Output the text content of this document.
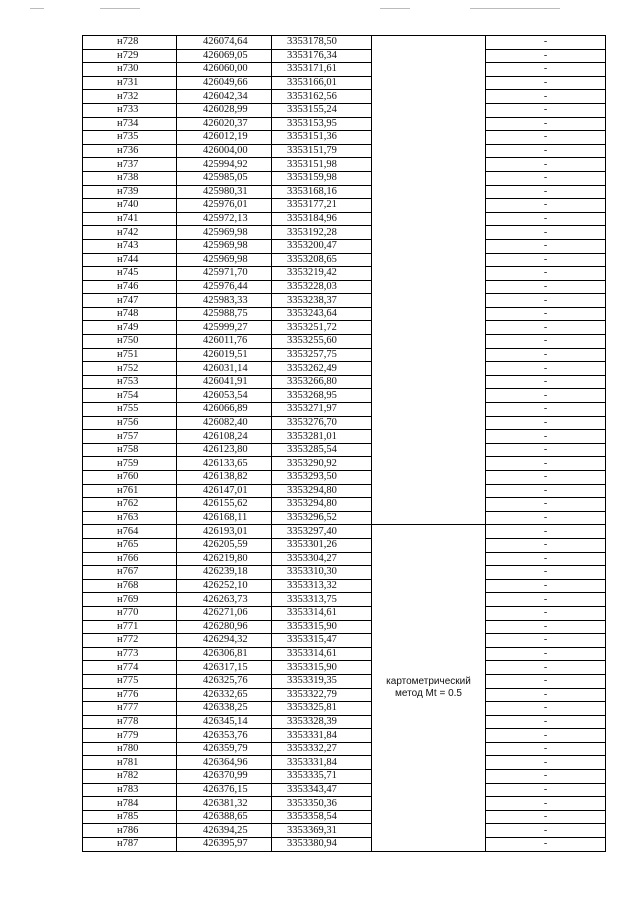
н728	426074,64	3353178,50		-
н729	426069,05	3353176,34		-
н730	426060,00	3353171,61		-
н731	426049,66	3353166,01		-
н732	426042,34	3353162,56		-
н733	426028,99	3353155,24		-
н734	426020,37	3353153,95		-
н735	426012,19	3353151,36		-
н736	426004,00	3353151,79		-
н737	425994,92	3353151,98		-
н738	425985,05	3353159,98		-
н739	425980,31	3353168,16		-
н740	425976,01	3353177,21		-
н741	425972,13	3353184,96		-
н742	425969,98	3353192,28		-
н743	425969,98	3353200,47		-
н744	425969,98	3353208,65		-
н745	425971,70	3353219,42		-
н746	425976,44	3353228,03		-
н747	425983,33	3353238,37		-
н748	425988,75	3353243,64		-
н749	425999,27	3353251,72		-
н750	426011,76	3353255,60		-
н751	426019,51	3353257,75		-
н752	426031,14	3353262,49		-
н753	426041,91	3353266,80		-
н754	426053,54	3353268,95		-
н755	426066,89	3353271,97		-
н756	426082,40	3353276,70		-
н757	426108,24	3353281,01		-
н758	426123,80	3353285,54		-
н759	426133,65	3353290,92		-
н760	426138,82	3353293,50		-
н761	426147,01	3353294,80		-
н762	426155,62	3353294,80		-
н763	426168,11	3353296,52		-
н764	426193,01	3353297,40	картометрический метод Mt = 0.5	-
н765	426205,59	3353301,26		-
н766	426219,80	3353304,27		-
н767	426239,18	3353310,30		-
н768	426252,10	3353313,32		-
н769	426263,73	3353313,75		-
н770	426271,06	3353314,61		-
н771	426280,96	3353315,90		-
н772	426294,32	3353315,47		-
н773	426306,81	3353314,61		-
н774	426317,15	3353315,90		-
н775	426325,76	3353319,35		-
н776	426332,65	3353322,79		-
н777	426338,25	3353325,81		-
н778	426345,14	3353328,39		-
н779	426353,76	3353331,84		-
н780	426359,79	3353332,27		-
н781	426364,96	3353331,84		-
н782	426370,99	3353335,71		-
н783	426376,15	3353343,47		-
н784	426381,32	3353350,36		-
н785	426388,65	3353358,54		-
н786	426394,25	3353369,31		-
н787	426395,97	3353380,94		-
